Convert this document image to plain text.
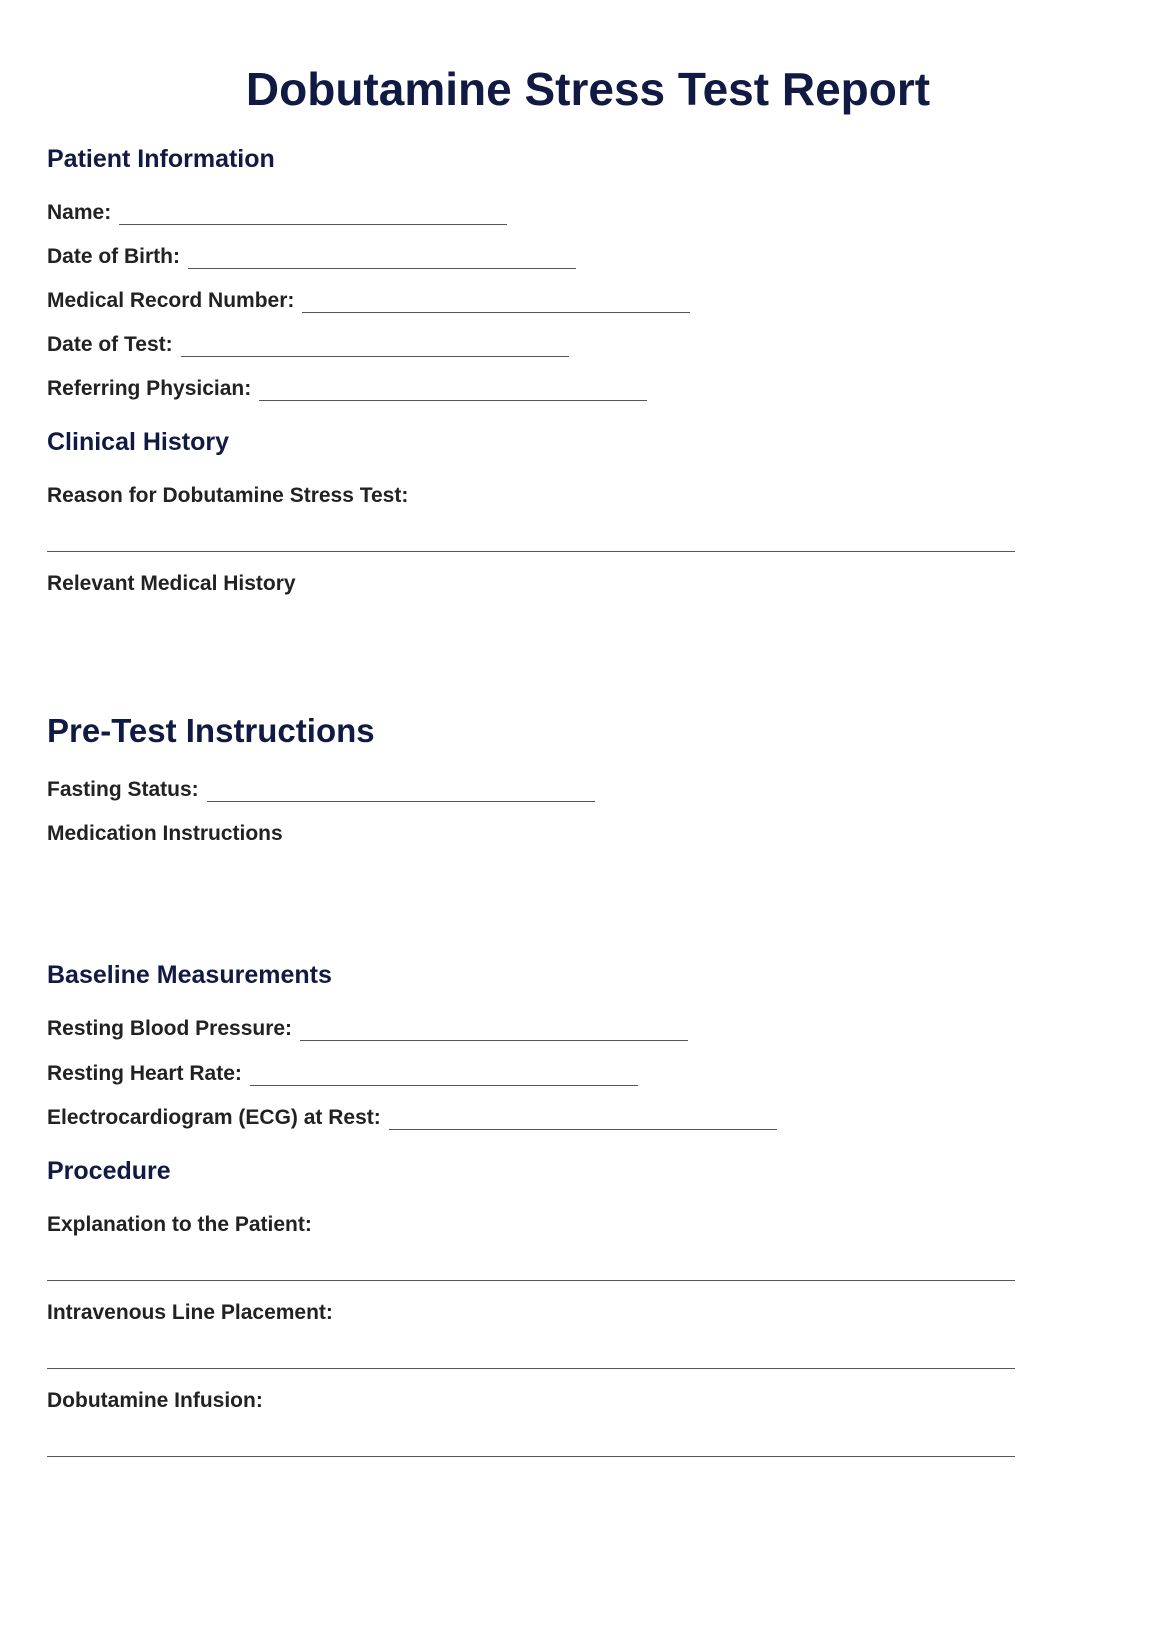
Dobutamine Stress Test Report
Patient Information
Name:
Date of Birth:
Medical Record Number:
Date of Test:
Referring Physician:
Clinical History
Reason for Dobutamine Stress Test:
Relevant Medical History
Pre-Test Instructions
Fasting Status:
Medication Instructions
Baseline Measurements
Resting Blood Pressure:
Resting Heart Rate:
Electrocardiogram (ECG) at Rest:
Procedure
Explanation to the Patient:
Intravenous Line Placement:
Dobutamine Infusion:
